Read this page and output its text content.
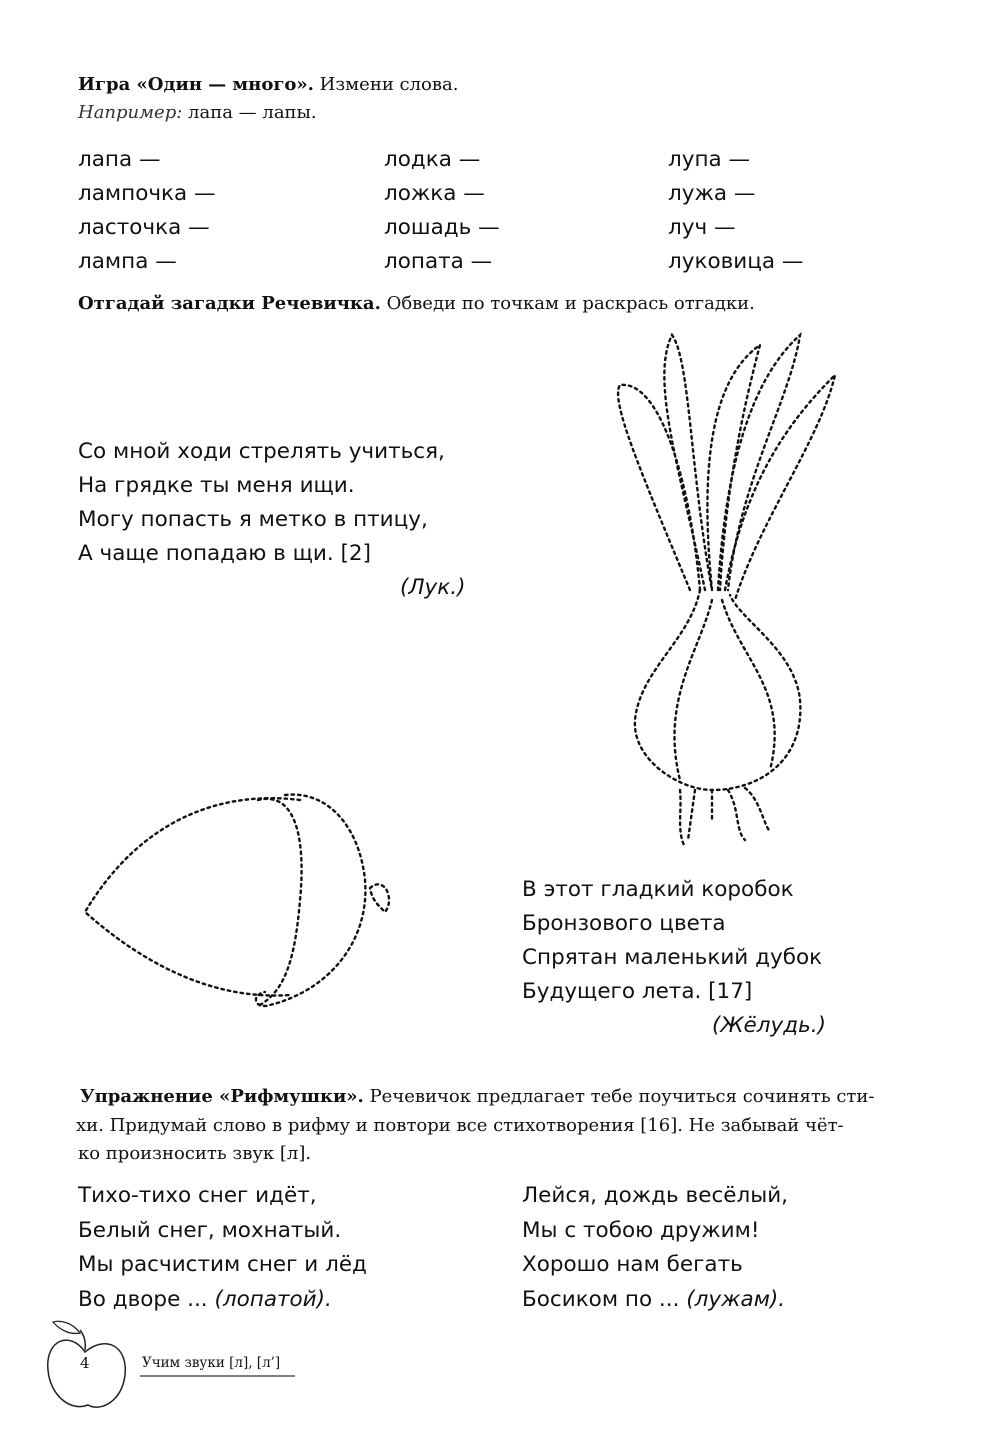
Игра «Один — много». Измени слова.
Например: лапа — лапы.
лапа —
лампочка —
ласточка —
лампа —
лодка —
ложка —
лошадь —
лопата —
лупа —
лужа —
луч —
луковица —
Отгадай загадки Речевичка. Обведи по точкам и раскрась отгадки.
Со мной ходи стрелять учиться,
На грядке ты меня ищи.
Могу попасть я метко в птицу,
А чаще попадаю в щи. [2]
(Лук.)
В этот гладкий коробок
Бронзового цвета
Спрятан маленький дубок
Будущего лета. [17]
(Жёлудь.)
Упражнение «Рифмушки». Речевичок предлагает тебе поучиться сочинять сти-
хи. Придумай слово в рифму и повтори все стихотворения [16]. Не забывай чёт-
ко произносить звук [л].
Тихо-тихо снег идёт,
Белый снег, мохнатый.
Мы расчистим снег и лёд
Во дворе ... (лопатой).
Лейся, дождь весёлый,
Мы с тобою дружим!
Хорошо нам бегать
Босиком по ... (лужам).
4	Учим звуки [л], [л’]
